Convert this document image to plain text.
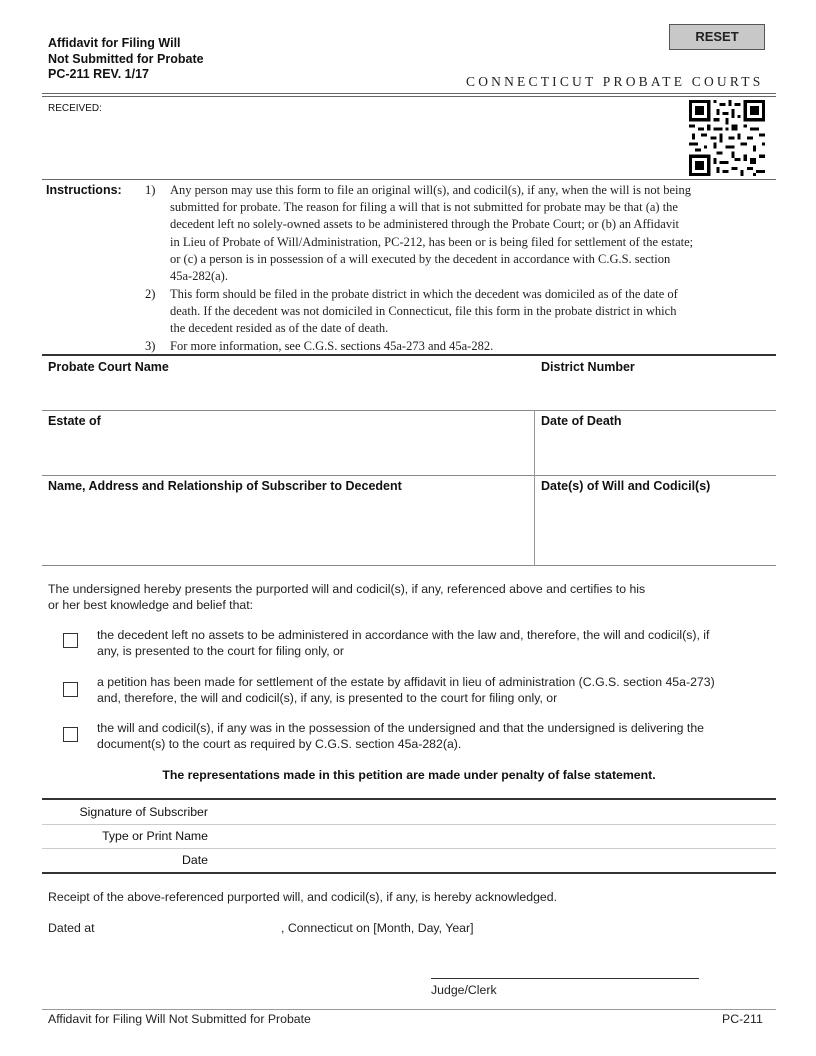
Affidavit for Filing Will
Not Submitted for Probate
PC-211 REV. 1/17
RESET
CONNECTICUT PROBATE COURTS
RECEIVED:
Instructions: 1) Any person may use this form to file an original will(s), and codicil(s), if any, when the will is not being
submitted for probate. The reason for filing a will that is not submitted for probate may be that (a) the
decedent left no solely-owned assets to be administered through the Probate Court; or (b) an Affidavit
in Lieu of Probate of Will/Administration, PC-212, has been or is being filed for settlement of the estate;
or (c) a person is in possession of a will executed by the decedent in accordance with C.G.S. section
45a-282(a).
2) This form should be filed in the probate district in which the decedent was domiciled as of the date of
death. If the decedent was not domiciled in Connecticut, file this form in the probate district in which
the decedent resided as of the date of death.
3) For more information, see C.G.S. sections 45a-273 and 45a-282.
Probate Court Name	District Number
Estate of	Date of Death
Name, Address and Relationship of Subscriber to Decedent	Date(s) of Will and Codicil(s)
The undersigned hereby presents the purported will and codicil(s), if any, referenced above and certifies to his
or her best knowledge and belief that:
the decedent left no assets to be administered in accordance with the law and, therefore, the will and codicil(s), if
any, is presented to the court for filing only, or
a petition has been made for settlement of the estate by affidavit in lieu of administration (C.G.S. section 45a-273)
and, therefore, the will and codicil(s), if any, is presented to the court for filing only, or
the will and codicil(s), if any was in the possession of the undersigned and that the undersigned is delivering the
document(s) to the court as required by C.G.S. section 45a-282(a).
The representations made in this petition are made under penalty of false statement.
Signature of Subscriber
Type or Print Name
Date
Receipt of the above-referenced purported will, and codicil(s), if any, is hereby acknowledged.
Dated at	, Connecticut on [Month, Day, Year]
Judge/Clerk
Affidavit for Filing Will Not Submitted for Probate	PC-211
